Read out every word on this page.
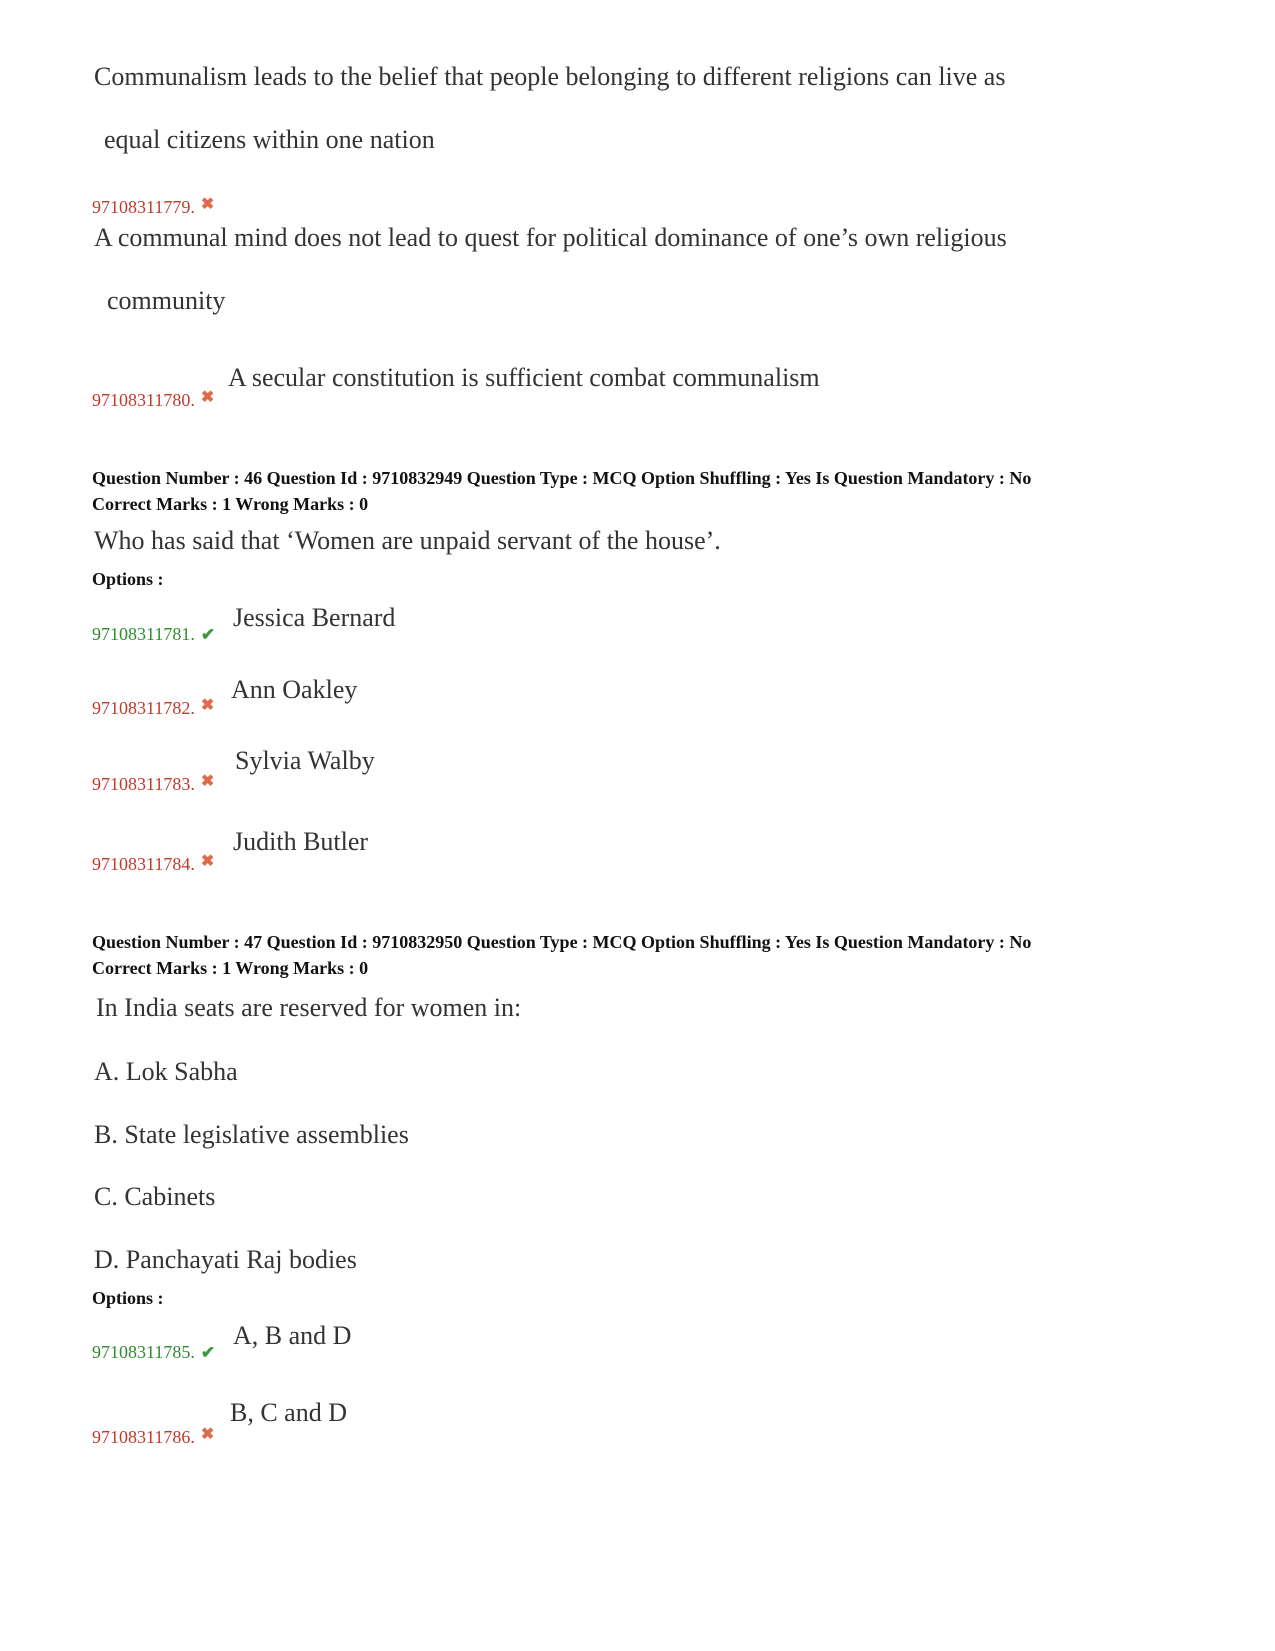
Communalism leads to the belief that people belonging to different religions can live as
equal citizens within one nation
97108311779. ✖
A communal mind does not lead to quest for political dominance of one’s own religious
community
97108311780. ✖
A secular constitution is sufficient combat communalism
Question Number : 46 Question Id : 9710832949 Question Type : MCQ Option Shuffling : Yes Is Question Mandatory : No
Correct Marks : 1 Wrong Marks : 0
Who has said that ‘Women are unpaid servant of the house’.
Options :
97108311781. ✔
Jessica Bernard
97108311782. ✖
Ann Oakley
97108311783. ✖
Sylvia Walby
97108311784. ✖
Judith Butler
Question Number : 47 Question Id : 9710832950 Question Type : MCQ Option Shuffling : Yes Is Question Mandatory : No
Correct Marks : 1 Wrong Marks : 0
In India seats are reserved for women in:
A. Lok Sabha
B. State legislative assemblies
C. Cabinets
D. Panchayati Raj bodies
Options :
97108311785. ✔
A, B and D
97108311786. ✖
B, C and D
